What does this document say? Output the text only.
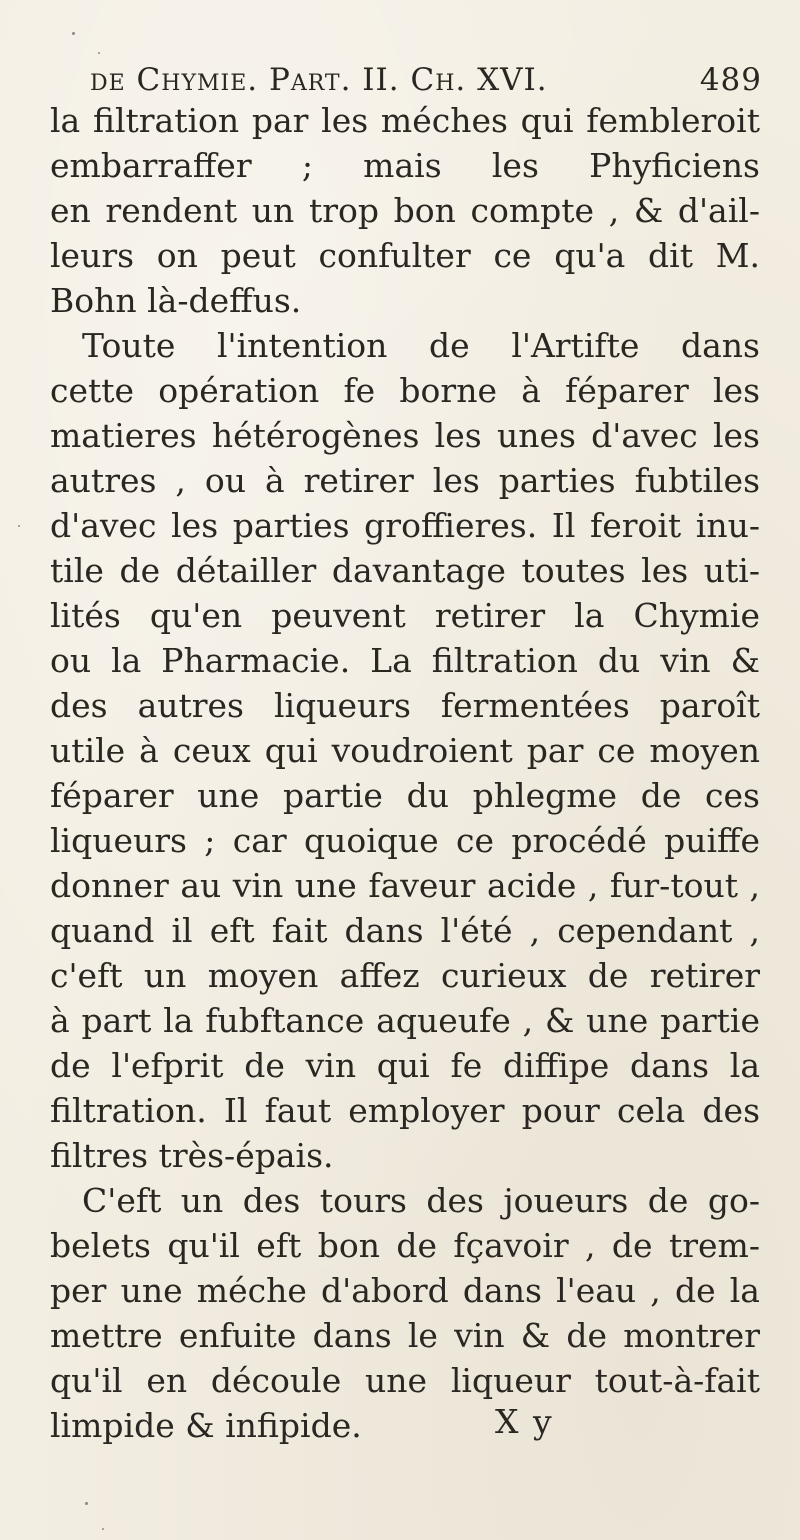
de Chymie. Part. II. Ch. XVI.	489
la filtration par les méches qui fembleroit
embarraffer ; mais les Phyficiens
en rendent un trop bon compte , & d'ail-
leurs on peut confulter ce qu'a dit M.
Bohn là-deffus.
Toute l'intention de l'Artifte dans
cette opération fe borne à féparer les
matieres hétérogènes les unes d'avec les
autres , ou à retirer les parties fubtiles
d'avec les parties groffieres. Il feroit inu-
tile de détailler davantage toutes les uti-
lités qu'en peuvent retirer la Chymie
ou la Pharmacie. La filtration du vin &
des autres liqueurs fermentées paroît
utile à ceux qui voudroient par ce moyen
féparer une partie du phlegme de ces
liqueurs ; car quoique ce procédé puiffe
donner au vin une faveur acide , fur-tout ,
quand il eft fait dans l'été , cependant ,
c'eft un moyen affez curieux de retirer
à part la fubftance aqueufe , & une partie
de l'efprit de vin qui fe diffipe dans la
filtration. Il faut employer pour cela des
filtres très-épais.
C'eft un des tours des joueurs de go-
belets qu'il eft bon de fçavoir , de trem-
per une méche d'abord dans l'eau , de la
mettre enfuite dans le vin & de montrer
qu'il en découle une liqueur tout-à-fait
limpide & infipide.	X y
